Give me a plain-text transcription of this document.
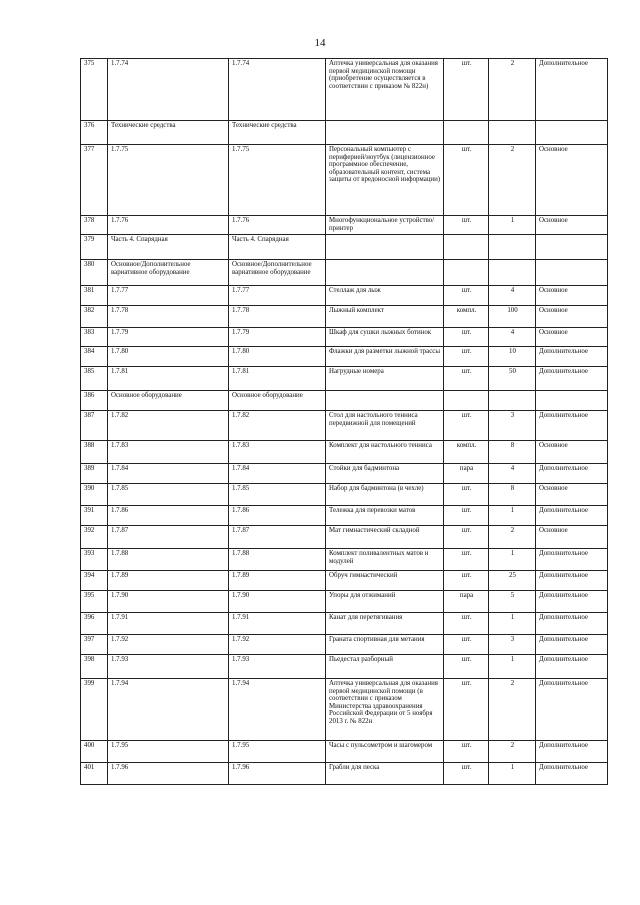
14
375	1.7.74	1.7.74	Аптечка универсальная для оказания первой медицинской помощи (приобретение осуществляется в соответствии с приказом № 822н)	шт.	2	Дополнительное
376	Технические средства	Технические средства				
377	1.7.75	1.7.75	Персональный компьютер с периферией/ноутбук (лицензионное программное обеспечение, образовательный контент, система защиты от вредоносной информации)	шт.	2	Основное
378	1.7.76	1.7.76	Многофункциональное устройство/принтер	шт.	1	Основное
379	Часть 4. Спарядная	Часть 4. Спарядная				
380	Основное/Дополнительное вариативное оборудование	Основное/Дополнительное вариативное оборудование				
381	1.7.77	1.7.77	Стеллаж для лыж	шт.	4	Основное
382	1.7.78	1.7.78	Лыжный комплект	компл.	100	Основное
383	1.7.79	1.7.79	Шкаф для сушки лыжных ботинок	шт.	4	Основное
384	1.7.80	1.7.80	Флажки для разметки лыжной трассы	шт.	10	Дополнительное
385	1.7.81	1.7.81	Нагрудные номера	шт.	50	Дополнительное
386	Основное оборудование	Основное оборудование				
387	1.7.82	1.7.82	Стол для настольного тенниса передвижной для помещений	шт.	3	Дополнительное
388	1.7.83	1.7.83	Комплект для настольного тенниса	компл.	8	Основное
389	1.7.84	1.7.84	Стойки для бадминтона	пара	4	Дополнительное
390	1.7.85	1.7.85	Набор для бадминтона (в чехле)	шт.	8	Основное
391	1.7.86	1.7.86	Тележка для перевозки матов	шт.	1	Дополнительное
392	1.7.87	1.7.87	Мат гимнастический складной	шт.	2	Основное
393	1.7.88	1.7.88	Комплект поливалентных матов и модулей	шт.	1	Дополнительное
394	1.7.89	1.7.89	Обруч гимнастический	шт.	25	Дополнительное
395	1.7.90	1.7.90	Упоры для отжиманий	пара	5	Дополнительное
396	1.7.91	1.7.91	Канат для перетягивания	шт.	1	Дополнительное
397	1.7.92	1.7.92	Граната спортивная для метания	шт.	3	Дополнительное
398	1.7.93	1.7.93	Пьедестал разборный	шт.	1	Дополнительное
399	1.7.94	1.7.94	Аптечка универсальная для оказания первой медицинской помощи (в соответствии с приказом Министерства здравоохранения Российской Федерации от 5 ноября 2013 г. № 822н	шт.	2	Дополнительное
400	1.7.95	1.7.95	Часы с пульсометром и шагомером	шт.	2	Дополнительное
401	1.7.96	1.7.96	Грабли для песка	шт.	1	Дополнительное
